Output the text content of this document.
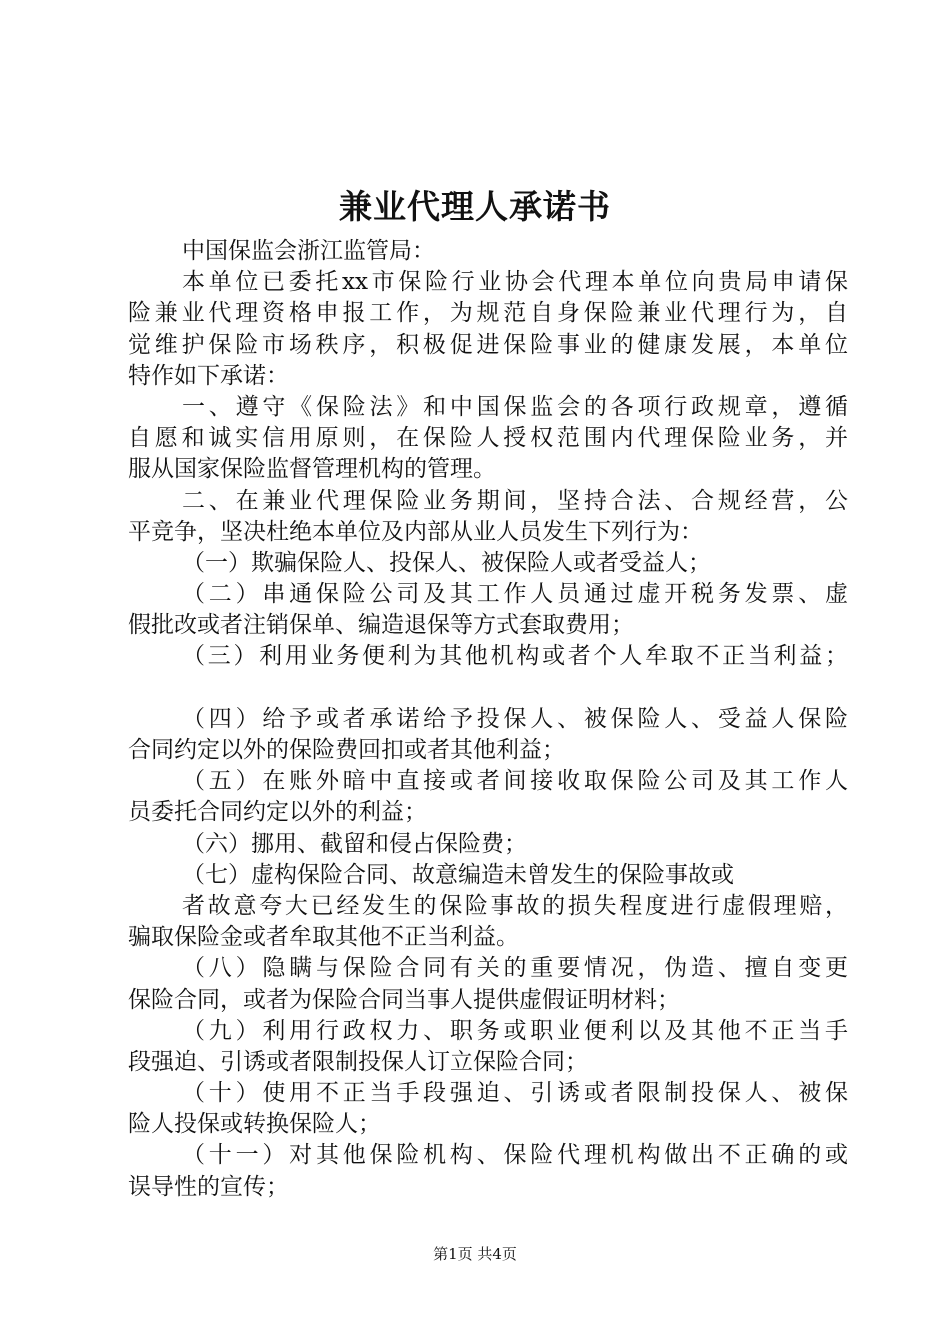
兼业代理人承诺书
中国保监会浙江监管局：
本单位已委托xx市保险行业协会代理本单位向贵局申请保
险兼业代理资格申报工作，为规范自身保险兼业代理行为，自
觉维护保险市场秩序，积极促进保险事业的健康发展，本单位
特作如下承诺：
一、遵守《保险法》和中国保监会的各项行政规章，遵循
自愿和诚实信用原则，在保险人授权范围内代理保险业务，并
服从国家保险监督管理机构的管理。
二、在兼业代理保险业务期间，坚持合法、合规经营，公
平竞争，坚决杜绝本单位及内部从业人员发生下列行为：
（一）欺骗保险人、投保人、被保险人或者受益人；
（二）串通保险公司及其工作人员通过虚开税务发票、虚
假批改或者注销保单、编造退保等方式套取费用；
（三）利用业务便利为其他机构或者个人牟取不正当利益；
（四）给予或者承诺给予投保人、被保险人、受益人保险
合同约定以外的保险费回扣或者其他利益；
（五）在账外暗中直接或者间接收取保险公司及其工作人
员委托合同约定以外的利益；
（六）挪用、截留和侵占保险费；
（七）虚构保险合同、故意编造未曾发生的保险事故或
者故意夸大已经发生的保险事故的损失程度进行虚假理赔，
骗取保险金或者牟取其他不正当利益。
（八）隐瞒与保险合同有关的重要情况，伪造、擅自变更
保险合同，或者为保险合同当事人提供虚假证明材料；
（九）利用行政权力、职务或职业便利以及其他不正当手
段强迫、引诱或者限制投保人订立保险合同；
（十）使用不正当手段强迫、引诱或者限制投保人、被保
险人投保或转换保险人；
（十一）对其他保险机构、保险代理机构做出不正确的或
误导性的宣传；
第1页 共4页
